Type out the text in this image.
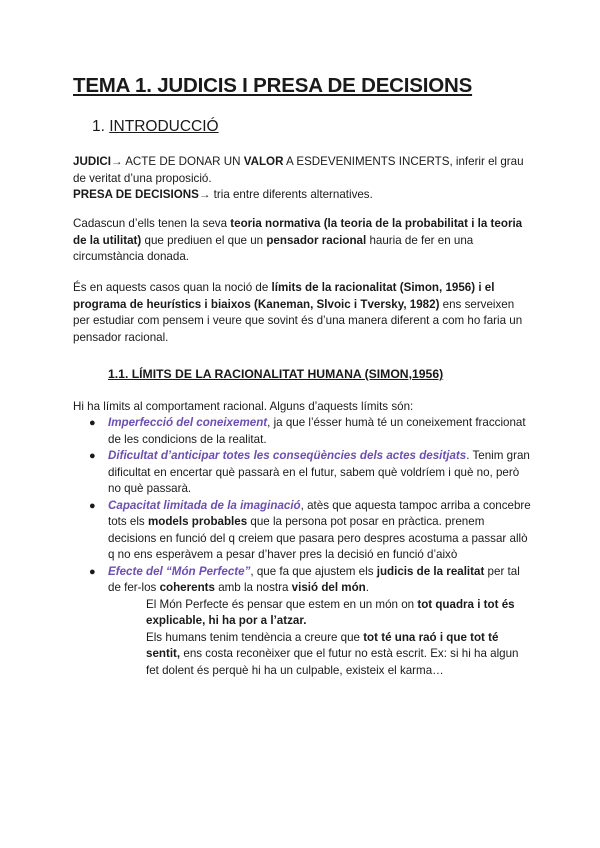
TEMA 1. JUDICIS I PRESA DE DECISIONS
1. INTRODUCCIÓ
JUDICI→ ACTE DE DONAR UN VALOR A ESDEVENIMENTS INCERTS, inferir el grau de veritat d’una proposició.
PRESA DE DECISIONS→ tria entre diferents alternatives.
Cadascun d’ells tenen la seva teoria normativa (la teoria de la probabilitat i la teoria de la utilitat) que prediuen el que un pensador racional hauria de fer en una circumstància donada.
És en aquests casos quan la noció de límits de la racionalitat (Simon, 1956) i el programa de heurístics i biaixos (Kaneman, Slvoic i Tversky, 1982) ens serveixen per estudiar com pensem i veure que sovint és d’una manera diferent a com ho faria un pensador racional.
1.1. LÍMITS DE LA RACIONALITAT HUMANA (SIMON,1956)
Hi ha límits al comportament racional. Alguns d’aquests límits són:
● Imperfecció del coneixement, ja que l’ésser humà té un coneixement fraccionat de les condicions de la realitat.
● Dificultat d’anticipar totes les conseqüències dels actes desitjats. Tenim gran dificultat en encertar què passarà en el futur, sabem què voldríem i què no, però no què passarà.
● Capacitat limitada de la imaginació, atès que aquesta tampoc arriba a concebre tots els models probables que la persona pot posar en pràctica. prenem decisions en funció del q creiem que pasara pero despres acostuma a passar allò q no ens esperàvem a pesar d’haver pres la decisió en funció d’això
● Efecte del “Món Perfecte”, que fa que ajustem els judicis de la realitat per tal de fer-los coherents amb la nostra visió del món.
El Món Perfecte és pensar que estem en un món on tot quadra i tot és explicable, hi ha por a l’atzar.
Els humans tenim tendència a creure que tot té una raó i que tot té sentit, ens costa reconèixer que el futur no està escrit. Ex: si hi ha algun fet dolent és perquè hi ha un culpable, existeix el karma…
